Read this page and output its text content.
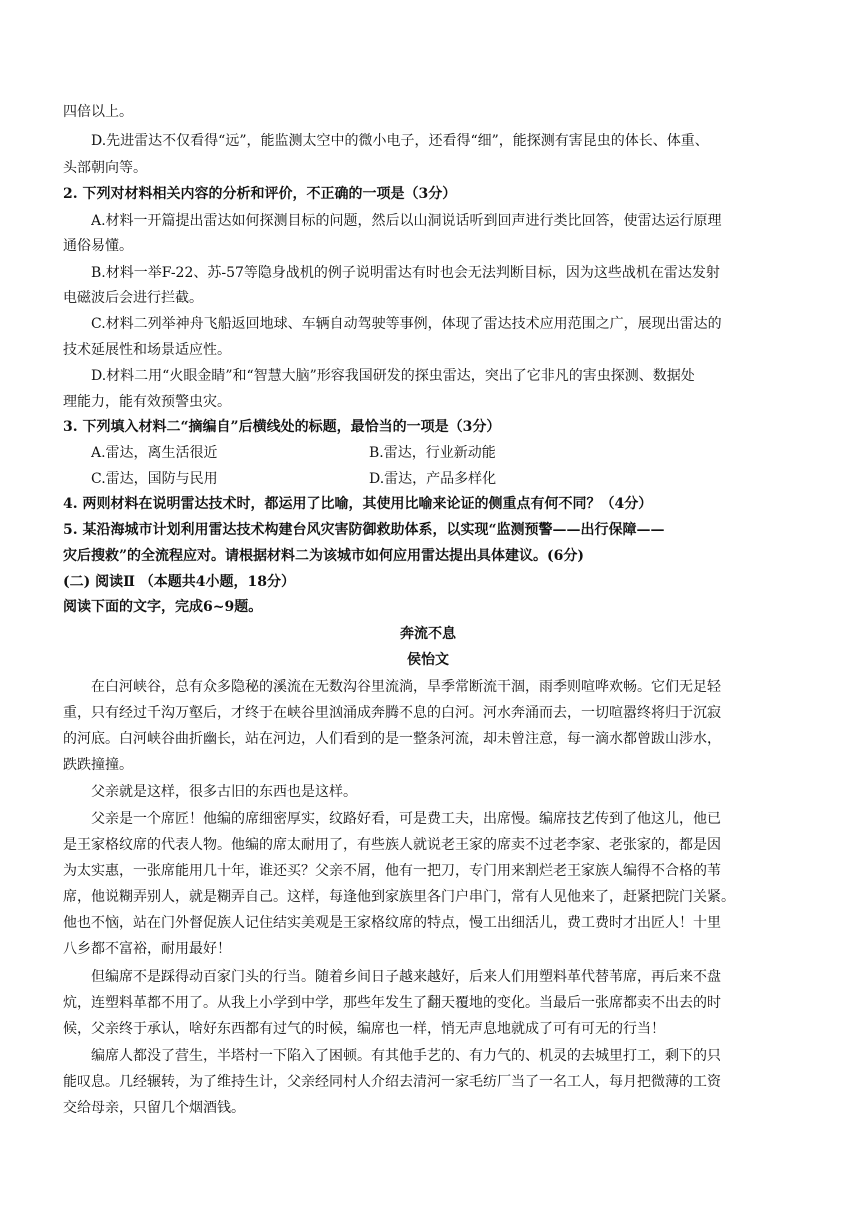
四倍以上。
D.先进雷达不仅看得“远”，能监测太空中的微小电子，还看得“细”，能探测有害昆虫的体长、体重、
头部朝向等。
2. 下列对材料相关内容的分析和评价，不正确的一项是（3分）
A.材料一开篇提出雷达如何探测目标的问题，然后以山洞说话听到回声进行类比回答，使雷达运行原理
通俗易懂。
B.材料一举F-22、苏-57等隐身战机的例子说明雷达有时也会无法判断目标，因为这些战机在雷达发射
电磁波后会进行拦截。
C.材料二列举神舟飞船返回地球、车辆自动驾驶等事例，体现了雷达技术应用范围之广，展现出雷达的
技术延展性和场景适应性。
D.材料二用“火眼金睛”和“智慧大脑”形容我国研发的探虫雷达，突出了它非凡的害虫探测、数据处
理能力，能有效预警虫灾。
3. 下列填入材料二“摘编自”后横线处的标题，最恰当的一项是（3分）
A.雷达，离生活很近	B.雷达，行业新动能
C.雷达，国防与民用	D.雷达，产品多样化
4. 两则材料在说明雷达技术时，都运用了比喻，其使用比喻来论证的侧重点有何不同？（4分）
5. 某沿海城市计划利用雷达技术构建台风灾害防御救助体系，以实现“监测预警——出行保障——
灾后搜救”的全流程应对。请根据材料二为该城市如何应用雷达提出具体建议。(6分)
(二) 阅读Ⅱ （本题共4小题，18分）
阅读下面的文字，完成6~9题。
奔流不息
侯怡文
在白河峡谷，总有众多隐秘的溪流在无数沟谷里流淌，旱季常断流干涸，雨季则喧哗欢畅。它们无足轻
重，只有经过千沟万壑后，才终于在峡谷里汹涌成奔腾不息的白河。河水奔涌而去，一切喧嚣终将归于沉寂
的河底。白河峡谷曲折幽长，站在河边，人们看到的是一整条河流，却未曾注意，每一滴水都曾跋山涉水，
跌跌撞撞。
父亲就是这样，很多古旧的东西也是这样。
父亲是一个席匠！他编的席细密厚实，纹路好看，可是费工夫，出席慢。编席技艺传到了他这儿，他已
是王家格纹席的代表人物。他编的席太耐用了，有些族人就说老王家的席卖不过老李家、老张家的，都是因
为太实惠，一张席能用几十年，谁还买？父亲不屑，他有一把刀，专门用来割烂老王家族人编得不合格的苇
席，他说糊弄别人，就是糊弄自己。这样，每逢他到家族里各门户串门，常有人见他来了，赶紧把院门关紧。
他也不恼，站在门外督促族人记住结实美观是王家格纹席的特点，慢工出细活儿，费工费时才出匠人！十里
八乡都不富裕，耐用最好！
但编席不是踩得动百家门头的行当。随着乡间日子越来越好，后来人们用塑料革代替苇席，再后来不盘
炕，连塑料革都不用了。从我上小学到中学，那些年发生了翻天覆地的变化。当最后一张席都卖不出去的时
候，父亲终于承认，啥好东西都有过气的时候，编席也一样，悄无声息地就成了可有可无的行当！
编席人都没了营生，半塔村一下陷入了困顿。有其他手艺的、有力气的、机灵的去城里打工，剩下的只
能叹息。几经辗转，为了维持生计，父亲经同村人介绍去清河一家毛纺厂当了一名工人，每月把微薄的工资
交给母亲，只留几个烟酒钱。
